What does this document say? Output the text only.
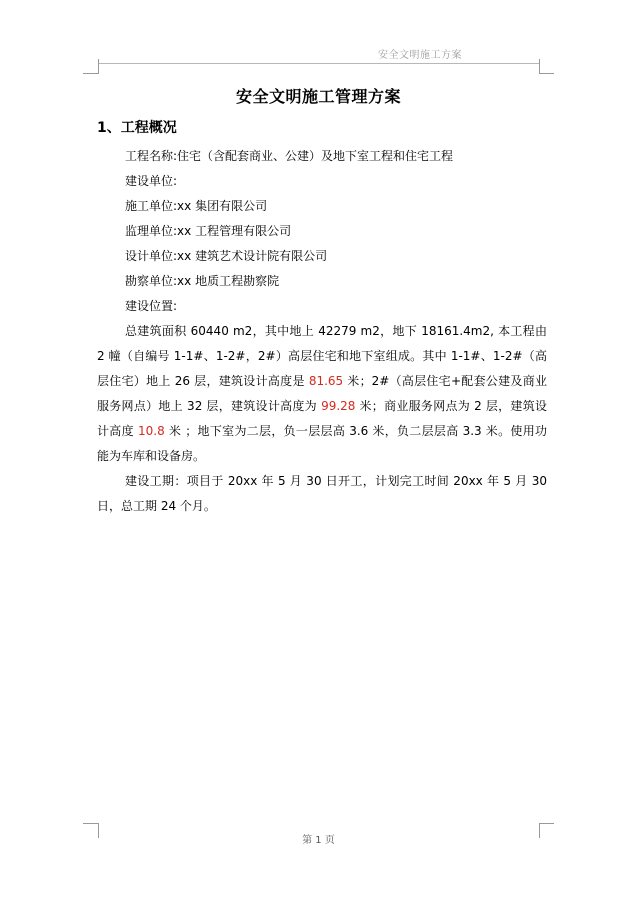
安全文明施工方案
安全文明施工管理方案
1、工程概况
工程名称:住宅（含配套商业、公建）及地下室工程和住宅工程
建设单位:
施工单位:xx 集团有限公司
监理单位:xx 工程管理有限公司
设计单位:xx 建筑艺术设计院有限公司
勘察单位:xx 地质工程勘察院
建设位置:
总建筑面积 60440 m2，其中地上 42279 m2，地下 18161.4m2, 本工程由 2 幢（自编号 1-1#、1-2#，2#）高层住宅和地下室组成。其中 1-1#、1-2#（高层住宅）地上 26 层，建筑设计高度是 81.65 米；2#（高层住宅+配套公建及商业服务网点）地上 32 层，建筑设计高度为 99.28 米；商业服务网点为 2 层，建筑设计高度 10.8 米 ；地下室为二层，负一层层高 3.6 米，负二层层高 3.3 米。使用功能为车库和设备房。
建设工期：项目于 20xx 年 5 月 30 日开工，计划完工时间 20xx 年 5 月 30 日，总工期 24 个月。
第 1 页
